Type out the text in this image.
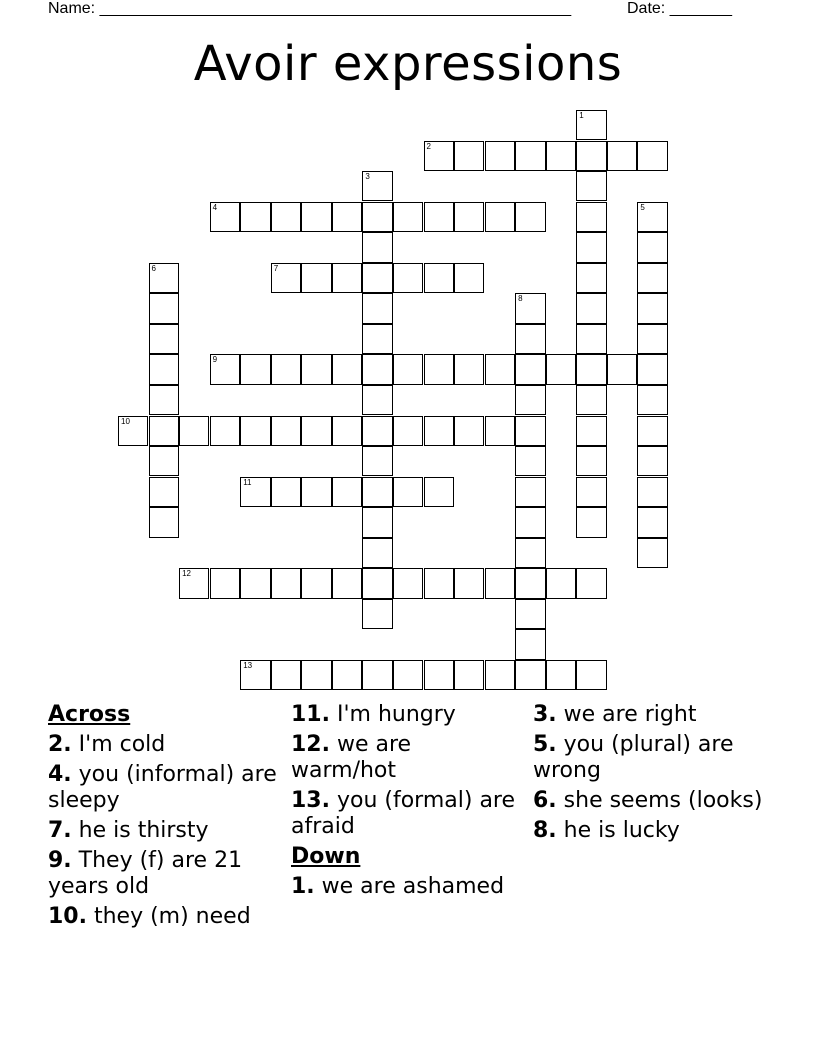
Name: _____________________________________________________	Date: _______
Avoir expressions
1
2
3
4	5
6	7
8
9
10
11
12
13
Across
2. I'm cold
4. you (informal) are sleepy
7. he is thirsty
9. They (f) are 21 years old
10. they (m) need
11. I'm hungry
12. we are warm/hot
13. you (formal) are afraid
Down
1. we are ashamed
3. we are right
5. you (plural) are wrong
6. she seems (looks)
8. he is lucky
